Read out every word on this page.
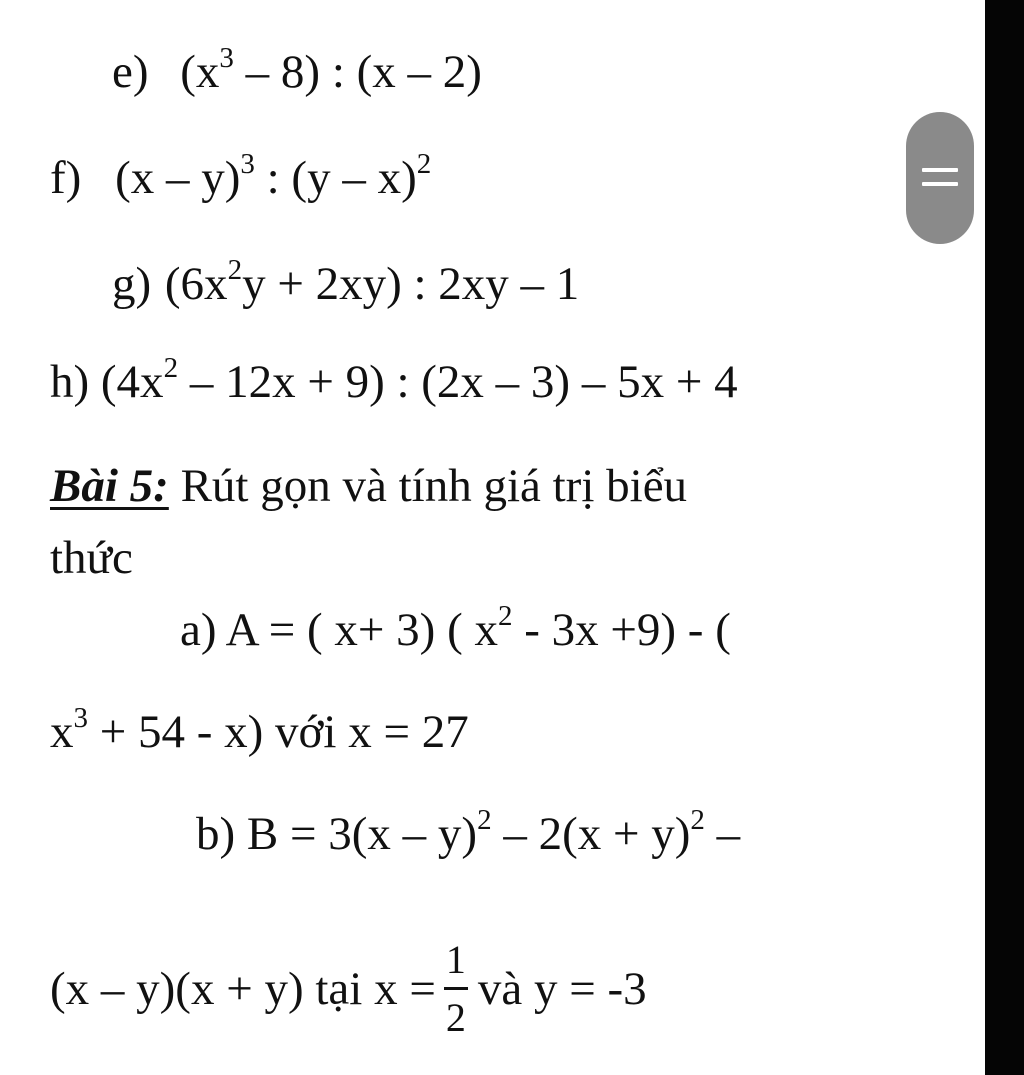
e) $(x^3 - 8)$ : (x – 2)
f) (x – y)$^3$ : (y – x)$^2$
g) $(6x^2y + 2xy)$ : 2xy – 1
h) $(4x^2 - 12x + 9)$ : (2x – 3) – 5x + 4
Bài 5: Rút gọn và tính giá trị biểu
thức
a) A = ( x+ 3) ( $x^2 - 3x +9$) - (
$x^3 + 54 - x$) với x = 27
b) $B = 3(x - y)^2 - 2(x + y)^2$ –
(x – y)(x + y) tại $x = \frac{1}{2}$ và y = -3
